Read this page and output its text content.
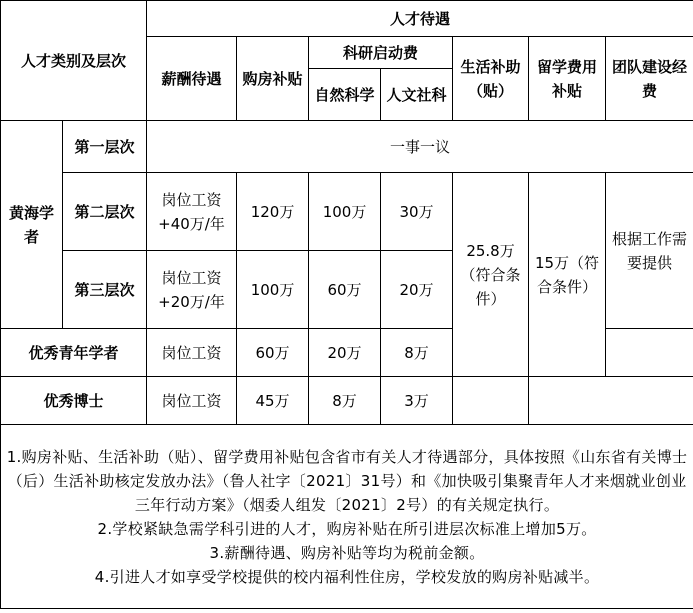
人才类别及层次		人才待遇						
		薪酬待遇	购房补贴	科研启动费		生活补助（贴）	留学费用补贴	团队建设经费
				自然科学	人文社科			
黄海学者	第一层次	一事一议						
	第二层次	岗位工资+40万/年	120万	100万	30万	25.8万（符合条件）	15万（符合条件）	根据工作需要提供
	第三层次	岗位工资+20万/年	100万	60万	20万			
优秀青年学者		岗位工资	60万	20万	8万			
优秀博士		岗位工资	45万	8万	3万			

1.购房补贴、生活补助（贴）、留学费用补贴包含省市有关人才待遇部分，具体按照《山东省有关博士（后）生活补助核定发放办法》（鲁人社字〔2021〕31号）和《加快吸引集聚青年人才来烟就业创业三年行动方案》（烟委人组发〔2021〕2号）的有关规定执行。
2.学校紧缺急需学科引进的人才，购房补贴在所引进层次标准上增加5万。
3.薪酬待遇、购房补贴等均为税前金额。
4.引进人才如享受学校提供的校内福利性住房，学校发放的购房补贴减半。								
